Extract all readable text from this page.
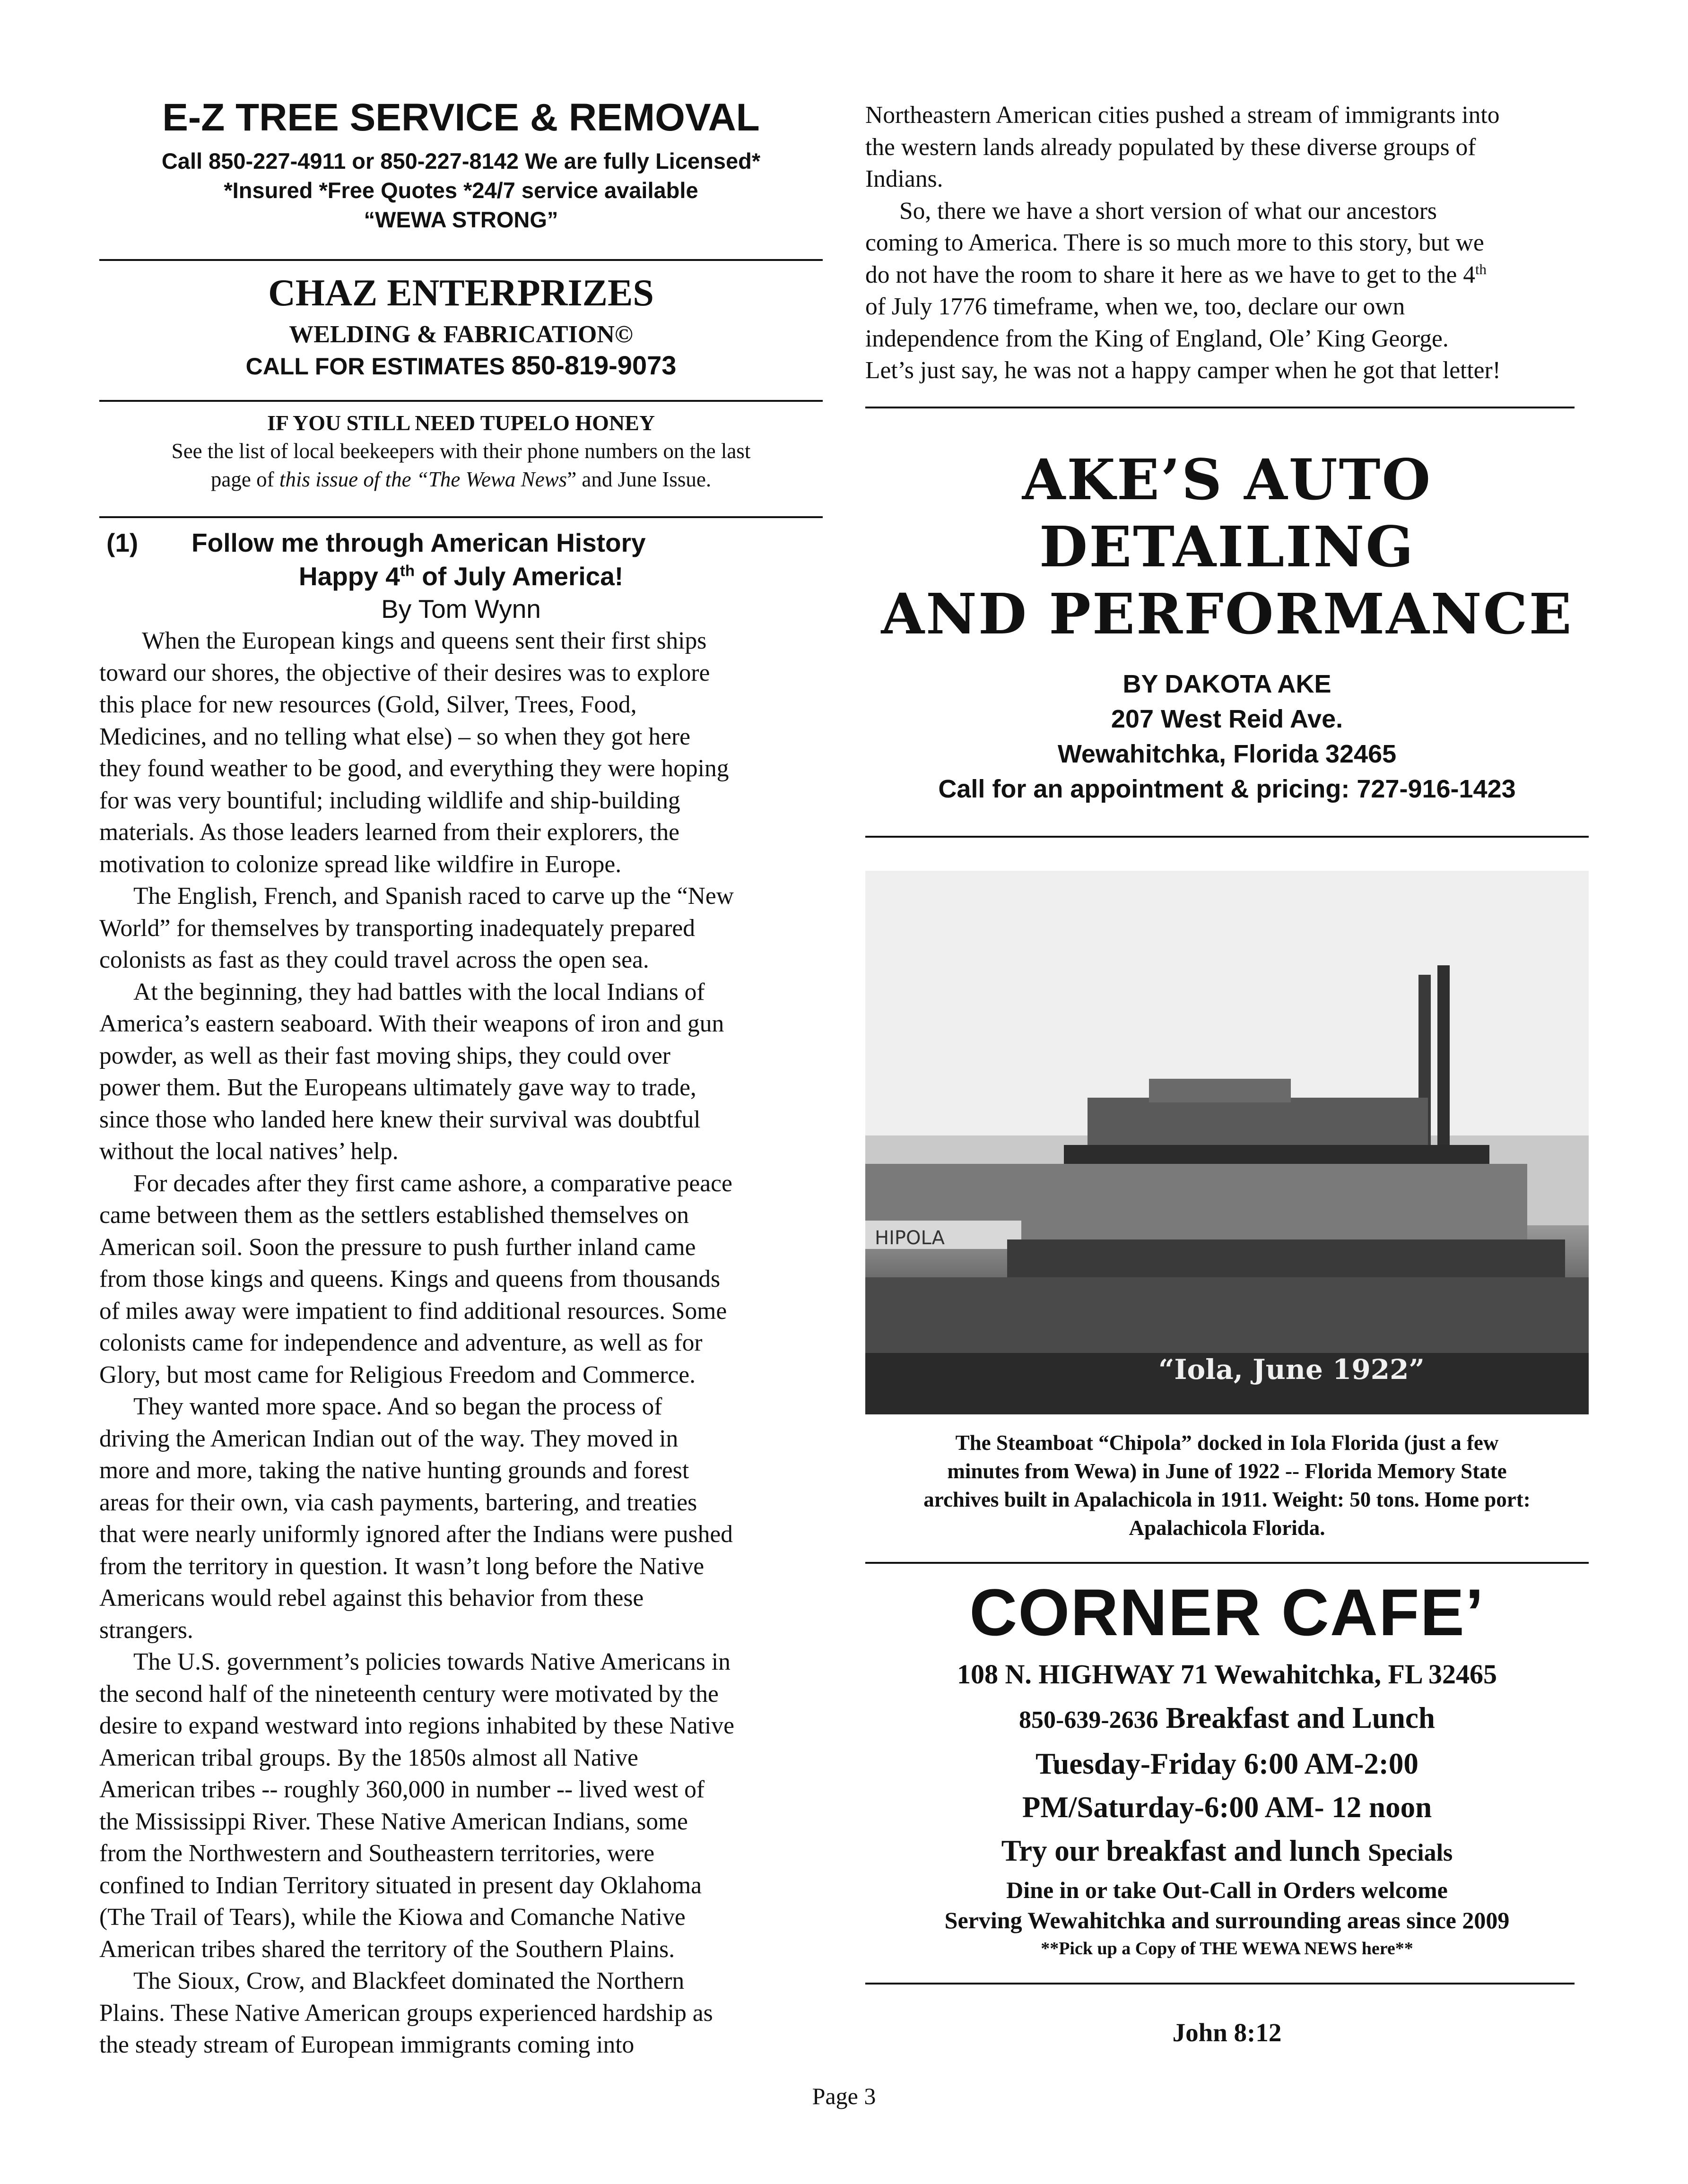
E-Z TREE SERVICE & REMOVAL
Call 850-227-4911 or 850-227-8142 We are fully Licensed*
*Insured *Free Quotes *24/7 service available
“WEWA STRONG”
CHAZ ENTERPRIZES
WELDING & FABRICATION©
CALL FOR ESTIMATES 850-819-9073
IF YOU STILL NEED TUPELO HONEY
See the list of local beekeepers with their phone numbers on the last
page of this issue of the “The Wewa News” and June Issue.
(1) Follow me through American History
Happy 4th of July America!
By Tom Wynn

When the European kings and queens sent their first ships
toward our shores, the objective of their desires was to explore
this place for new resources (Gold, Silver, Trees, Food,
Medicines, and no telling what else) – so when they got here
they found weather to be good, and everything they were hoping
for was very bountiful; including wildlife and ship-building
materials. As those leaders learned from their explorers, the
motivation to colonize spread like wildfire in Europe.

The English, French, and Spanish raced to carve up the “New
World” for themselves by transporting inadequately prepared
colonists as fast as they could travel across the open sea.

At the beginning, they had battles with the local Indians of
America’s eastern seaboard. With their weapons of iron and gun
powder, as well as their fast moving ships, they could over
power them. But the Europeans ultimately gave way to trade,
since those who landed here knew their survival was doubtful
without the local natives’ help.

For decades after they first came ashore, a comparative peace
came between them as the settlers established themselves on
American soil. Soon the pressure to push further inland came
from those kings and queens. Kings and queens from thousands
of miles away were impatient to find additional resources. Some
colonists came for independence and adventure, as well as for
Glory, but most came for Religious Freedom and Commerce.

They wanted more space. And so began the process of
driving the American Indian out of the way. They moved in
more and more, taking the native hunting grounds and forest
areas for their own, via cash payments, bartering, and treaties
that were nearly uniformly ignored after the Indians were pushed
from the territory in question. It wasn’t long before the Native
Americans would rebel against this behavior from these
strangers.

The U.S. government’s policies towards Native Americans in
the second half of the nineteenth century were motivated by the
desire to expand westward into regions inhabited by these Native
American tribal groups. By the 1850s almost all Native
American tribes -- roughly 360,000 in number -- lived west of
the Mississippi River. These Native American Indians, some
from the Northwestern and Southeastern territories, were
confined to Indian Territory situated in present day Oklahoma
(The Trail of Tears), while the Kiowa and Comanche Native
American tribes shared the territory of the Southern Plains.

The Sioux, Crow, and Blackfeet dominated the Northern
Plains. These Native American groups experienced hardship as
the steady stream of European immigrants coming into

Northeastern American cities pushed a stream of immigrants into
the western lands already populated by these diverse groups of
Indians.

So, there we have a short version of what our ancestors
coming to America. There is so much more to this story, but we
do not have the room to share it here as we have to get to the 4th
of July 1776 timeframe, when we, too, declare our own
independence from the King of England, Ole’ King George.
Let’s just say, he was not a happy camper when he got that letter!

AKE’S AUTO
DETAILING
AND PERFORMANCE
BY DAKOTA AKE
207 West Reid Ave.
Wewahitchka, Florida 32465
Call for an appointment & pricing: 727-916-1423
HIPOLA
“Iola, June 1922”
The Steamboat “Chipola” docked in Iola Florida (just a few
minutes from Wewa) in June of 1922 -- Florida Memory State
archives built in Apalachicola in 1911. Weight: 50 tons. Home port:
Apalachicola Florida.
CORNER CAFE’
108 N. HIGHWAY 71 Wewahitchka, FL 32465
850-639-2636 Breakfast and Lunch
Tuesday-Friday 6:00 AM-2:00
PM/Saturday-6:00 AM- 12 noon
Try our breakfast and lunch Specials
Dine in or take Out-Call in Orders welcome
Serving Wewahitchka and surrounding areas since 2009
**Pick up a Copy of THE WEWA NEWS here**
John 8:12
Page 3
